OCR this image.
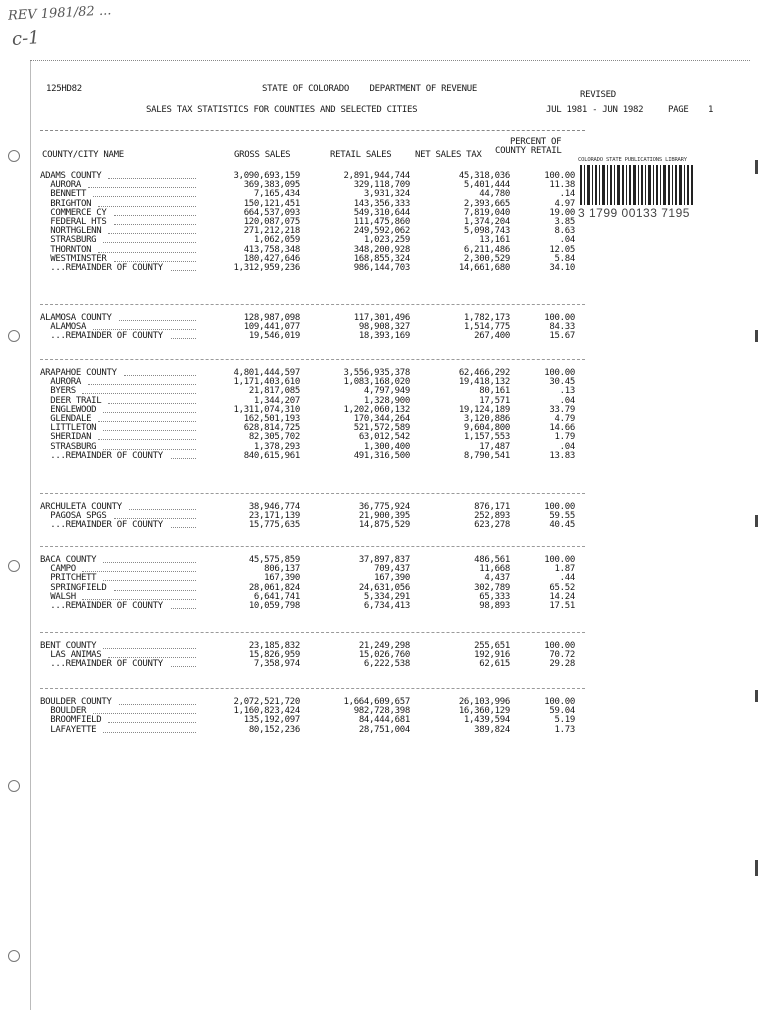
REV 1981/82 ...
c-1
125HD82	STATE OF COLORADO    DEPARTMENT OF REVENUE
REVISED
SALES TAX STATISTICS FOR COUNTIES AND SELECTED CITIES	JUL 1981 - JUN 1982	PAGE 1
COUNTY/CITY NAME	GROSS SALES	RETAIL SALES	NET SALES TAX
PERCENT OF
COUNTY RETAIL
COLORADO STATE PUBLICATIONS LIBRARY
3 1799 00133 7195
ADAMS COUNTY	3,090,693,159	2,891,944,744	45,318,036	100.00
AURORA	369,383,095	329,118,709	5,401,444	11.38
BENNETT	7,165,434	3,931,324	44,780	.14
BRIGHTON	150,121,451	143,356,333	2,393,665	4.97
COMMERCE CY	664,537,093	549,310,644	7,819,040	19.00
FEDERAL HTS	120,087,075	111,475,860	1,374,204	3.85
NORTHGLENN	271,212,218	249,592,062	5,098,743	8.63
STRASBURG	1,062,059	1,023,259	13,161	.04
THORNTON	413,758,348	348,200,928	6,211,486	12.05
WESTMINSTER	180,427,646	168,855,324	2,300,529	5.84
...REMAINDER OF COUNTY	1,312,959,236	986,144,703	14,661,680	34.10
ALAMOSA COUNTY	128,987,098	117,301,496	1,782,173	100.00
ALAMOSA	109,441,077	98,908,327	1,514,775	84.33
...REMAINDER OF COUNTY	19,546,019	18,393,169	267,400	15.67
ARAPAHOE COUNTY	4,801,444,597	3,556,935,378	62,466,292	100.00
AURORA	1,171,403,610	1,083,168,020	19,418,132	30.45
BYERS	21,817,085	4,797,949	80,161	.13
DEER TRAIL	1,344,207	1,328,900	17,571	.04
ENGLEWOOD	1,311,074,310	1,202,060,132	19,124,189	33.79
GLENDALE	162,501,193	170,344,264	3,120,886	4.79
LITTLETON	628,814,725	521,572,589	9,604,800	14.66
SHERIDAN	82,305,702	63,012,542	1,157,553	1.79
STRASBURG	1,378,293	1,300,400	17,487	.04
...REMAINDER OF COUNTY	840,615,961	491,316,500	8,790,541	13.83
ARCHULETA COUNTY	38,946,774	36,775,924	876,171	100.00
PAGOSA SPGS	23,171,139	21,900,395	252,893	59.55
...REMAINDER OF COUNTY	15,775,635	14,875,529	623,278	40.45
BACA COUNTY	45,575,859	37,897,837	486,561	100.00
CAMPO	806,137	709,437	11,668	1.87
PRITCHETT	167,390	167,390	4,437	.44
SPRINGFIELD	28,061,824	24,631,056	302,789	65.52
WALSH	6,641,741	5,334,291	65,333	14.24
...REMAINDER OF COUNTY	10,059,798	6,734,413	98,893	17.51
BENT COUNTY	23,185,832	21,249,298	255,651	100.00
LAS ANIMAS	15,826,959	15,026,760	192,916	70.72
...REMAINDER OF COUNTY	7,358,974	6,222,538	62,615	29.28
BOULDER COUNTY	2,072,521,720	1,664,609,657	26,103,996	100.00
BOULDER	1,160,823,424	982,728,398	16,360,129	59.04
BROOMFIELD	135,192,097	84,444,681	1,439,594	5.19
LAFAYETTE	80,152,236	28,751,004	389,824	1.73
